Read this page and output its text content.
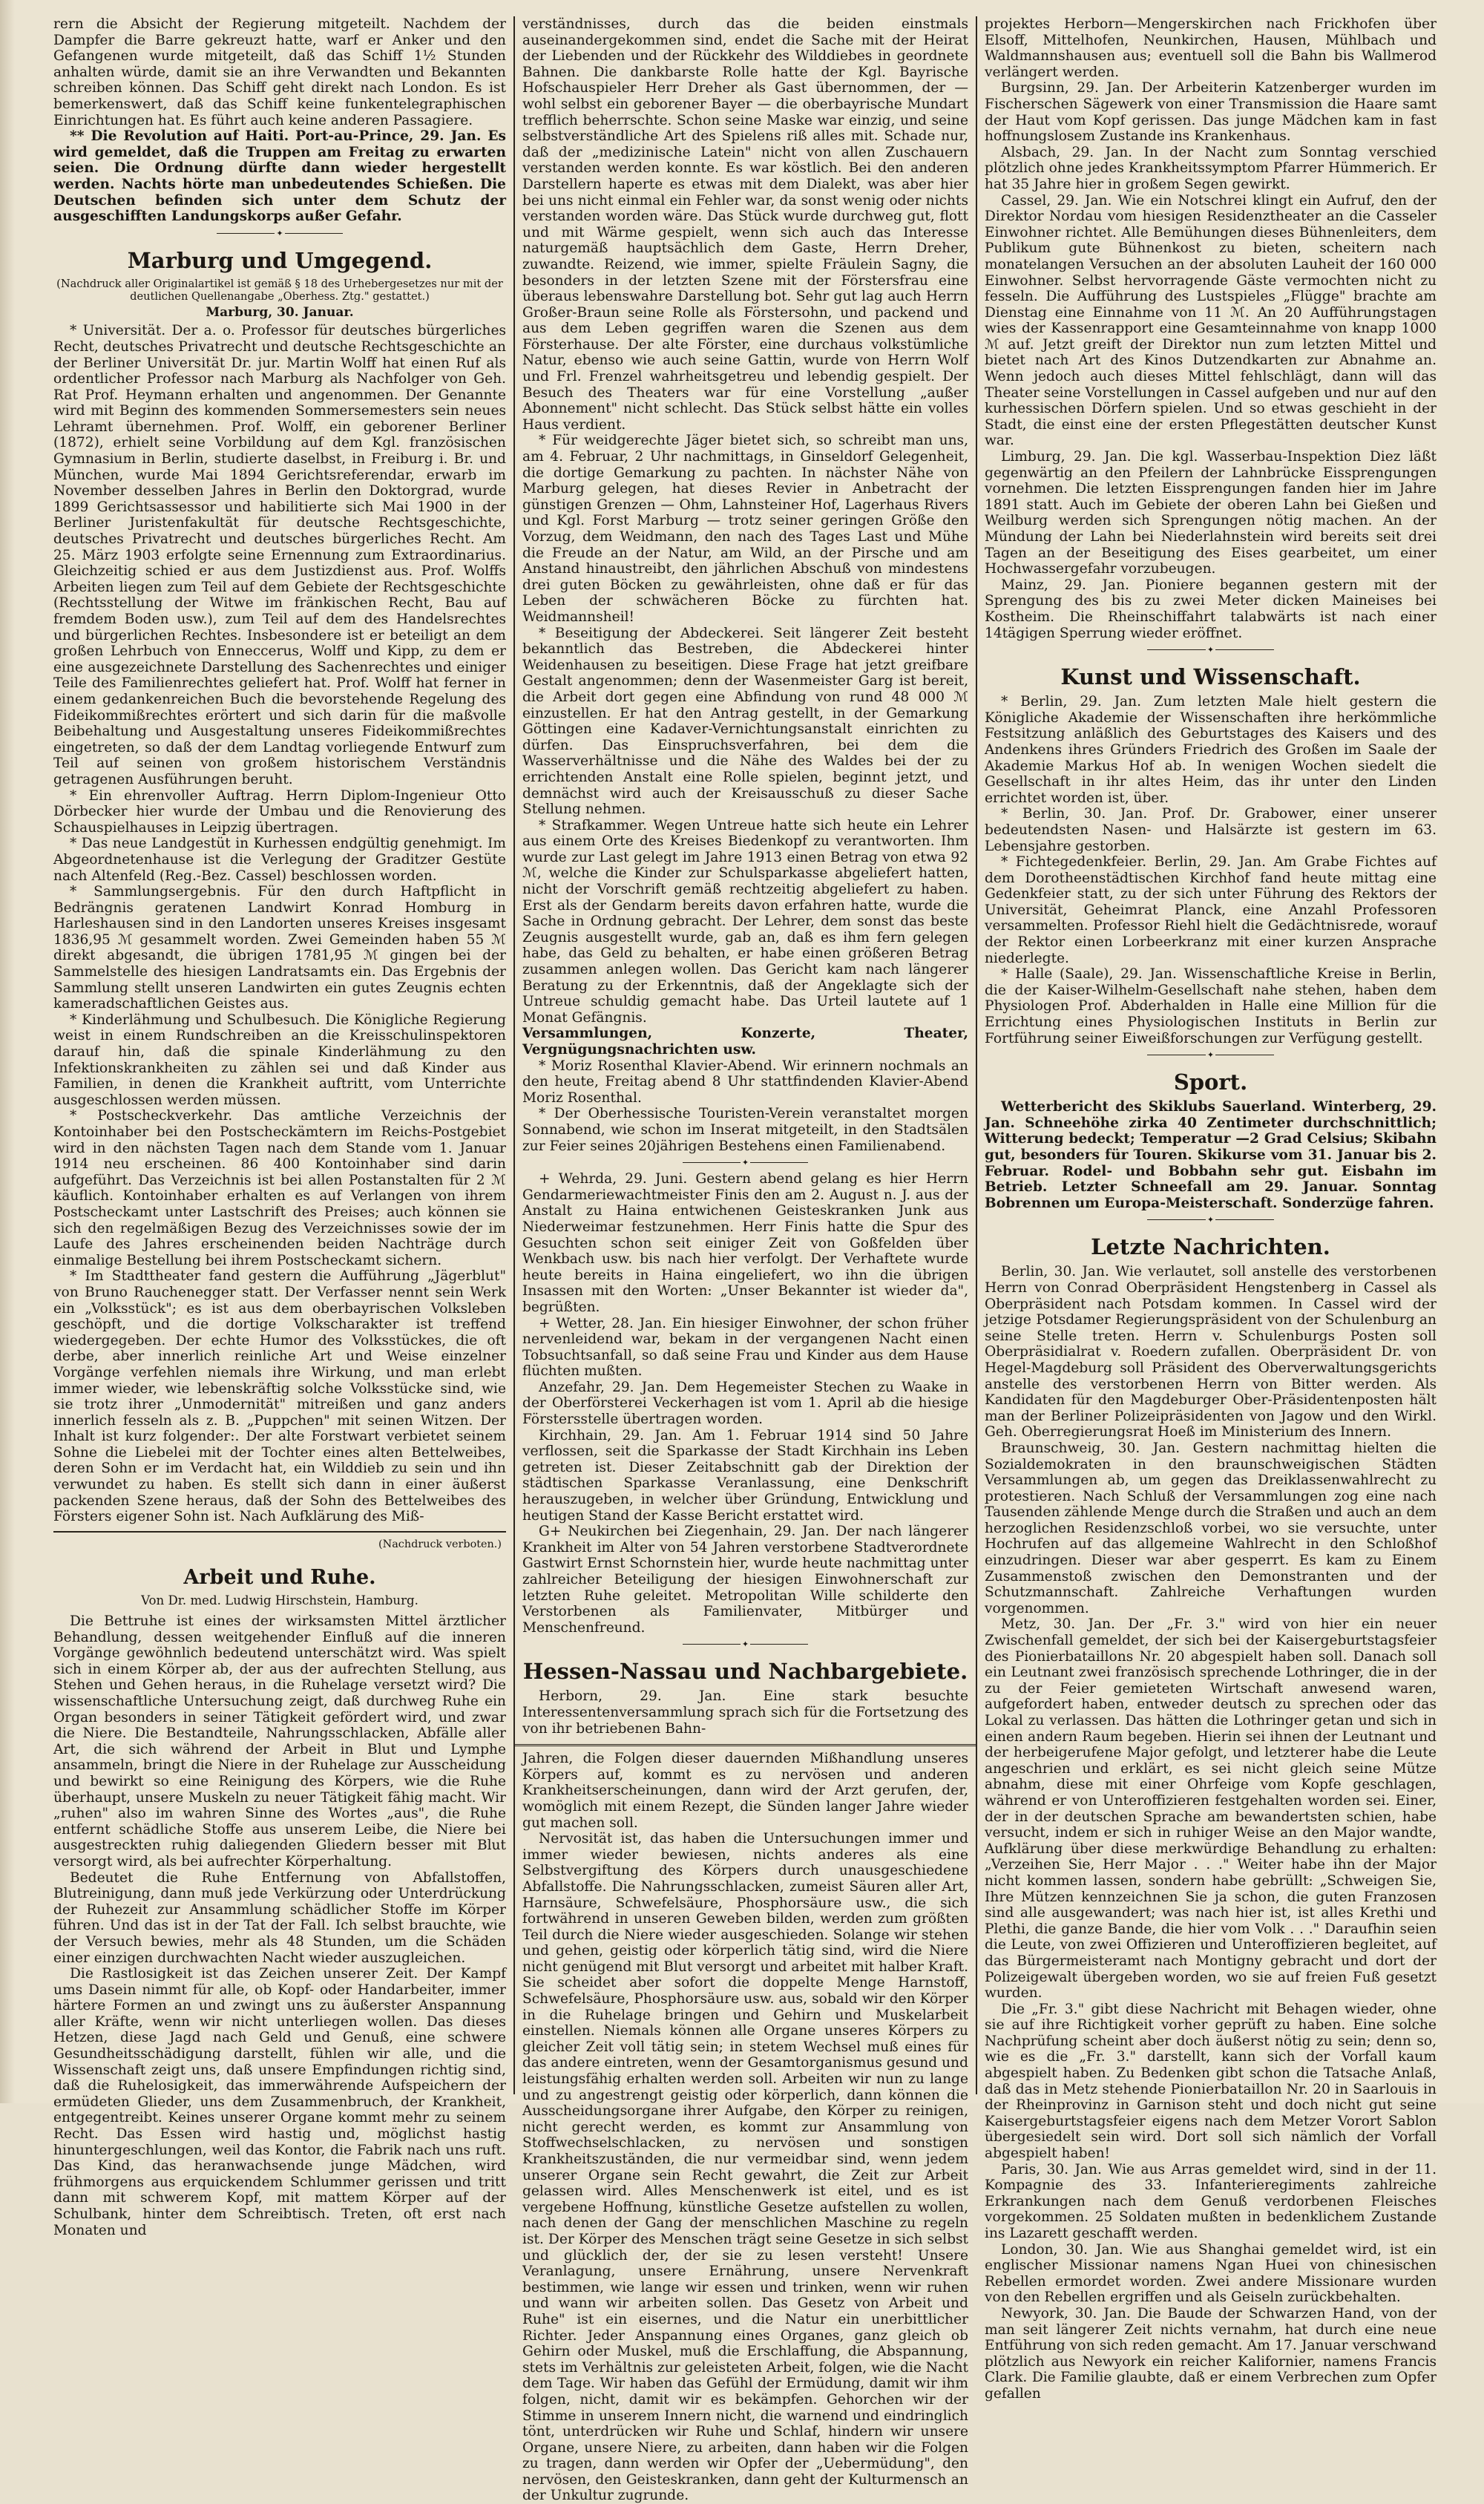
rern die Absicht der Regierung mitgeteilt. Nachdem der Dampfer die Barre gekreuzt hatte, warf er Anker und den Gefangenen wurde mitgeteilt, daß das Schiff 1½ Stunden anhalten würde, damit sie an ihre Verwandten und Bekannten schreiben können. Das Schiff geht direkt nach London. Es ist bemerkenswert, daß das Schiff keine funkentelegraphischen Einrichtungen hat. Es führt auch keine anderen Passagiere.

** Die Revolution auf Haiti. Port-au-Prince, 29. Jan. Es wird gemeldet, daß die Truppen am Freitag zu erwarten seien. Die Ordnung dürfte dann wieder hergestellt werden. Nachts hörte man unbedeutendes Schießen. Die Deutschen befinden sich unter dem Schutz der ausgeschifften Landungskorps außer Gefahr.

✦
Marburg und Umgegend.
(Nachdruck aller Originalartikel ist gemäß § 18 des Urhebergesetzes nur mit der deutlichen Quellenangabe „Oberhess. Ztg." gestattet.)
Marburg, 30. Januar.

* Universität. Der a. o. Professor für deutsches bürgerliches Recht, deutsches Privatrecht und deutsche Rechtsgeschichte an der Berliner Universität Dr. jur. Martin Wolff hat einen Ruf als ordentlicher Professor nach Marburg als Nachfolger von Geh. Rat Prof. Heymann erhalten und angenommen. Der Genannte wird mit Beginn des kommenden Sommersemesters sein neues Lehramt übernehmen. Prof. Wolff, ein geborener Berliner (1872), erhielt seine Vorbildung auf dem Kgl. französischen Gymnasium in Berlin, studierte daselbst, in Freiburg i. Br. und München, wurde Mai 1894 Gerichtsreferendar, erwarb im November desselben Jahres in Berlin den Doktorgrad, wurde 1899 Gerichtsassessor und habilitierte sich Mai 1900 in der Berliner Juristenfakultät für deutsche Rechtsgeschichte, deutsches Privatrecht und deutsches bürgerliches Recht. Am 25. März 1903 erfolgte seine Ernennung zum Extraordinarius. Gleichzeitig schied er aus dem Justizdienst aus. Prof. Wolffs Arbeiten liegen zum Teil auf dem Gebiete der Rechtsgeschichte (Rechtsstellung der Witwe im fränkischen Recht, Bau auf fremdem Boden usw.), zum Teil auf dem des Handelsrechtes und bürgerlichen Rechtes. Insbesondere ist er beteiligt an dem großen Lehrbuch von Enneccerus, Wolff und Kipp, zu dem er eine ausgezeichnete Darstellung des Sachenrechtes und einiger Teile des Familienrechtes geliefert hat. Prof. Wolff hat ferner in einem gedankenreichen Buch die bevorstehende Regelung des Fideikommißrechtes erörtert und sich darin für die maßvolle Beibehaltung und Ausgestaltung unseres Fideikommißrechtes eingetreten, so daß der dem Landtag vorliegende Entwurf zum Teil auf seinen von großem historischem Verständnis getragenen Ausführungen beruht.

* Ein ehrenvoller Auftrag. Herrn Diplom-Ingenieur Otto Dörbecker hier wurde der Umbau und die Renovierung des Schauspielhauses in Leipzig übertragen.

* Das neue Landgestüt in Kurhessen endgültig genehmigt. Im Abgeordnetenhause ist die Verlegung der Graditzer Gestüte nach Altenfeld (Reg.-Bez. Cassel) beschlossen worden.

* Sammlungsergebnis. Für den durch Haftpflicht in Bedrängnis geratenen Landwirt Konrad Homburg in Harleshausen sind in den Landorten unseres Kreises insgesamt 1836,95 ℳ gesammelt worden. Zwei Gemeinden haben 55 ℳ direkt abgesandt, die übrigen 1781,95 ℳ gingen bei der Sammelstelle des hiesigen Landratsamts ein. Das Ergebnis der Sammlung stellt unseren Landwirten ein gutes Zeugnis echten kameradschaftlichen Geistes aus.

* Kinderlähmung und Schulbesuch. Die Königliche Regierung weist in einem Rundschreiben an die Kreisschulinspektoren darauf hin, daß die spinale Kinderlähmung zu den Infektionskrankheiten zu zählen sei und daß Kinder aus Familien, in denen die Krankheit auftritt, vom Unterrichte ausgeschlossen werden müssen.

* Postscheckverkehr. Das amtliche Verzeichnis der Kontoinhaber bei den Postscheckämtern im Reichs-Postgebiet wird in den nächsten Tagen nach dem Stande vom 1. Januar 1914 neu erscheinen. 86 400 Kontoinhaber sind darin aufgeführt. Das Verzeichnis ist bei allen Postanstalten für 2 ℳ käuflich. Kontoinhaber erhalten es auf Verlangen von ihrem Postscheckamt unter Lastschrift des Preises; auch können sie sich den regelmäßigen Bezug des Verzeichnisses sowie der im Laufe des Jahres erscheinenden beiden Nachträge durch einmalige Bestellung bei ihrem Postscheckamt sichern.

* Im Stadttheater fand gestern die Aufführung „Jägerblut" von Bruno Rauchenegger statt. Der Verfasser nennt sein Werk ein „Volksstück"; es ist aus dem oberbayrischen Volksleben geschöpft, und die dortige Volkscharakter ist treffend wiedergegeben. Der echte Humor des Volksstückes, die oft derbe, aber innerlich reinliche Art und Weise einzelner Vorgänge verfehlen niemals ihre Wirkung, und man erlebt immer wieder, wie lebenskräftig solche Volksstücke sind, wie sie trotz ihrer „Unmodernität" mitreißen und ganz anders innerlich fesseln als z. B. „Puppchen" mit seinen Witzen. Der Inhalt ist kurz folgender:. Der alte Forstwart verbietet seinem Sohne die Liebelei mit der Tochter eines alten Bettelweibes, deren Sohn er im Verdacht hat, ein Wilddieb zu sein und ihn verwundet zu haben. Es stellt sich dann in einer äußerst packenden Szene heraus, daß der Sohn des Bettelweibes des Försters eigener Sohn ist. Nach Aufklärung des Miß-

(Nachdruck verboten.)
Arbeit und Ruhe.
Von Dr. med. Ludwig Hirschstein, Hamburg.

Die Bettruhe ist eines der wirksamsten Mittel ärztlicher Behandlung, dessen weitgehender Einfluß auf die inneren Vorgänge gewöhnlich bedeutend unterschätzt wird. Was spielt sich in einem Körper ab, der aus der aufrechten Stellung, aus Stehen und Gehen heraus, in die Ruhelage versetzt wird? Die wissenschaftliche Untersuchung zeigt, daß durchweg Ruhe ein Organ besonders in seiner Tätigkeit gefördert wird, und zwar die Niere. Die Bestandteile, Nahrungsschlacken, Abfälle aller Art, die sich während der Arbeit in Blut und Lymphe ansammeln, bringt die Niere in der Ruhelage zur Ausscheidung und bewirkt so eine Reinigung des Körpers, wie die Ruhe überhaupt, unsere Muskeln zu neuer Tätigkeit fähig macht. Wir „ruhen" also im wahren Sinne des Wortes „aus", die Ruhe entfernt schädliche Stoffe aus unserem Leibe, die Niere bei ausgestreckten ruhig daliegenden Gliedern besser mit Blut versorgt wird, als bei aufrechter Körperhaltung.

Bedeutet die Ruhe Entfernung von Abfallstoffen, Blutreinigung, dann muß jede Verkürzung oder Unterdrückung der Ruhezeit zur Ansammlung schädlicher Stoffe im Körper führen. Und das ist in der Tat der Fall. Ich selbst brauchte, wie der Versuch bewies, mehr als 48 Stunden, um die Schäden einer einzigen durchwachten Nacht wieder auszugleichen.

Die Rastlosigkeit ist das Zeichen unserer Zeit. Der Kampf ums Dasein nimmt für alle, ob Kopf- oder Handarbeiter, immer härtere Formen an und zwingt uns zu äußerster Anspannung aller Kräfte, wenn wir nicht unterliegen wollen. Das dieses Hetzen, diese Jagd nach Geld und Genuß, eine schwere Gesundheitsschädigung darstellt, fühlen wir alle, und die Wissenschaft zeigt uns, daß unsere Empfindungen richtig sind, daß die Ruhelosigkeit, das immerwährende Aufspeichern der ermüdeten Glieder, uns dem Zusammenbruch, der Krankheit, entgegentreibt. Keines unserer Organe kommt mehr zu seinem Recht. Das Essen wird hastig und, möglichst hastig hinuntergeschlungen, weil das Kontor, die Fabrik nach uns ruft. Das Kind, das heranwachsende junge Mädchen, wird frühmorgens aus erquickendem Schlummer gerissen und tritt dann mit schwerem Kopf, mit mattem Körper auf der Schulbank, hinter dem Schreibtisch. Treten, oft erst nach Monaten und

verständnisses, durch das die beiden einstmals auseinandergekommen sind, endet die Sache mit der Heirat der Liebenden und der Rückkehr des Wilddiebes in geordnete Bahnen. Die dankbarste Rolle hatte der Kgl. Bayrische Hofschauspieler Herr Dreher als Gast übernommen, der — wohl selbst ein geborener Bayer — die oberbayrische Mundart trefflich beherrschte. Schon seine Maske war einzig, und seine selbstverständliche Art des Spielens riß alles mit. Schade nur, daß der „medizinische Latein" nicht von allen Zuschauern verstanden werden konnte. Es war köstlich. Bei den anderen Darstellern haperte es etwas mit dem Dialekt, was aber hier bei uns nicht einmal ein Fehler war, da sonst wenig oder nichts verstanden worden wäre. Das Stück wurde durchweg gut, flott und mit Wärme gespielt, wenn sich auch das Interesse naturgemäß hauptsächlich dem Gaste, Herrn Dreher, zuwandte. Reizend, wie immer, spielte Fräulein Sagny, die besonders in der letzten Szene mit der Förstersfrau eine überaus lebenswahre Darstellung bot. Sehr gut lag auch Herrn Großer-Braun seine Rolle als Förstersohn, und packend und aus dem Leben gegriffen waren die Szenen aus dem Försterhause. Der alte Förster, eine durchaus volkstümliche Natur, ebenso wie auch seine Gattin, wurde von Herrn Wolf und Frl. Frenzel wahrheitsgetreu und lebendig gespielt. Der Besuch des Theaters war für eine Vorstellung „außer Abonnement" nicht schlecht. Das Stück selbst hätte ein volles Haus verdient.

* Für weidgerechte Jäger bietet sich, so schreibt man uns, am 4. Februar, 2 Uhr nachmittags, in Ginseldorf Gelegenheit, die dortige Gemarkung zu pachten. In nächster Nähe von Marburg gelegen, hat dieses Revier in Anbetracht der günstigen Grenzen — Ohm, Lahnsteiner Hof, Lagerhaus Rivers und Kgl. Forst Marburg — trotz seiner geringen Größe den Vorzug, dem Weidmann, den nach des Tages Last und Mühe die Freude an der Natur, am Wild, an der Pirsche und am Anstand hinaustreibt, den jährlichen Abschuß von mindestens drei guten Böcken zu gewährleisten, ohne daß er für das Leben der schwächeren Böcke zu fürchten hat. Weidmannsheil!

* Beseitigung der Abdeckerei. Seit längerer Zeit besteht bekanntlich das Bestreben, die Abdeckerei hinter Weidenhausen zu beseitigen. Diese Frage hat jetzt greifbare Gestalt angenommen; denn der Wasenmeister Garg ist bereit, die Arbeit dort gegen eine Abfindung von rund 48 000 ℳ einzustellen. Er hat den Antrag gestellt, in der Gemarkung Göttingen eine Kadaver-Vernichtungsanstalt einrichten zu dürfen. Das Einspruchsverfahren, bei dem die Wasserverhältnisse und die Nähe des Waldes bei der zu errichtenden Anstalt eine Rolle spielen, beginnt jetzt, und demnächst wird auch der Kreisausschuß zu dieser Sache Stellung nehmen.

* Strafkammer. Wegen Untreue hatte sich heute ein Lehrer aus einem Orte des Kreises Biedenkopf zu verantworten. Ihm wurde zur Last gelegt im Jahre 1913 einen Betrag von etwa 92 ℳ, welche die Kinder zur Schulsparkasse abgeliefert hatten, nicht der Vorschrift gemäß rechtzeitig abgeliefert zu haben. Erst als der Gendarm bereits davon erfahren hatte, wurde die Sache in Ordnung gebracht. Der Lehrer, dem sonst das beste Zeugnis ausgestellt wurde, gab an, daß es ihm fern gelegen habe, das Geld zu behalten, er habe einen größeren Betrag zusammen anlegen wollen. Das Gericht kam nach längerer Beratung zu der Erkenntnis, daß der Angeklagte sich der Untreue schuldig gemacht habe. Das Urteil lautete auf 1 Monat Gefängnis.

Versammlungen, Konzerte, Theater, Vergnügungsnachrichten usw.

* Moriz Rosenthal Klavier-Abend. Wir erinnern nochmals an den heute, Freitag abend 8 Uhr stattfindenden Klavier-Abend Moriz Rosenthal.

* Der Oberhessische Touristen-Verein veranstaltet morgen Sonnabend, wie schon im Inserat mitgeteilt, in den Stadtsälen zur Feier seines 20jährigen Bestehens einen Familienabend.

✦

+ Wehrda, 29. Juni. Gestern abend gelang es hier Herrn Gendarmeriewachtmeister Finis den am 2. August n. J. aus der Anstalt zu Haina entwichenen Geisteskranken Junk aus Niederweimar festzunehmen. Herr Finis hatte die Spur des Gesuchten schon seit einiger Zeit von Goßfelden über Wenkbach usw. bis nach hier verfolgt. Der Verhaftete wurde heute bereits in Haina eingeliefert, wo ihn die übrigen Insassen mit den Worten: „Unser Bekannter ist wieder da", begrüßten.

+ Wetter, 28. Jan. Ein hiesiger Einwohner, der schon früher nervenleidend war, bekam in der vergangenen Nacht einen Tobsuchtsanfall, so daß seine Frau und Kinder aus dem Hause flüchten mußten.

Anzefahr, 29. Jan. Dem Hegemeister Stechen zu Waake in der Oberförsterei Veckerhagen ist vom 1. April ab die hiesige Förstersstelle übertragen worden.

Kirchhain, 29. Jan. Am 1. Februar 1914 sind 50 Jahre verflossen, seit die Sparkasse der Stadt Kirchhain ins Leben getreten ist. Dieser Zeitabschnitt gab der Direktion der städtischen Sparkasse Veranlassung, eine Denkschrift herauszugeben, in welcher über Gründung, Entwicklung und heutigen Stand der Kasse Bericht erstattet wird.

G+ Neukirchen bei Ziegenhain, 29. Jan. Der nach längerer Krankheit im Alter von 54 Jahren verstorbene Stadtverordnete Gastwirt Ernst Schornstein hier, wurde heute nachmittag unter zahlreicher Beteiligung der hiesigen Einwohnerschaft zur letzten Ruhe geleitet. Metropolitan Wille schilderte den Verstorbenen als Familienvater, Mitbürger und Menschenfreund.

✦
Hessen-Nassau und Nachbargebiete.

Herborn, 29. Jan. Eine stark besuchte Interessentenversammlung sprach sich für die Fortsetzung des von ihr betriebenen Bahn-

Jahren, die Folgen dieser dauernden Mißhandlung unseres Körpers auf, kommt es zu nervösen und anderen Krankheitserscheinungen, dann wird der Arzt gerufen, der, womöglich mit einem Rezept, die Sünden langer Jahre wieder gut machen soll.

Nervosität ist, das haben die Untersuchungen immer und immer wieder bewiesen, nichts anderes als eine Selbstvergiftung des Körpers durch unausgeschiedene Abfallstoffe. Die Nahrungsschlacken, zumeist Säuren aller Art, Harnsäure, Schwefelsäure, Phosphorsäure usw., die sich fortwährend in unseren Geweben bilden, werden zum größten Teil durch die Niere wieder ausgeschieden. Solange wir stehen und gehen, geistig oder körperlich tätig sind, wird die Niere nicht genügend mit Blut versorgt und arbeitet mit halber Kraft. Sie scheidet aber sofort die doppelte Menge Harnstoff, Schwefelsäure, Phosphorsäure usw. aus, sobald wir den Körper in die Ruhelage bringen und Gehirn und Muskelarbeit einstellen. Niemals können alle Organe unseres Körpers zu gleicher Zeit voll tätig sein; in stetem Wechsel muß eines für das andere eintreten, wenn der Gesamtorganismus gesund und leistungsfähig erhalten werden soll. Arbeiten wir nun zu lange und zu angestrengt geistig oder körperlich, dann können die Ausscheidungsorgane ihrer Aufgabe, den Körper zu reinigen, nicht gerecht werden, es kommt zur Ansammlung von Stoffwechselschlacken, zu nervösen und sonstigen Krankheitszuständen, die nur vermeidbar sind, wenn jedem unserer Organe sein Recht gewahrt, die Zeit zur Arbeit gelassen wird. Alles Menschenwerk ist eitel, und es ist vergebene Hoffnung, künstliche Gesetze aufstellen zu wollen, nach denen der Gang der menschlichen Maschine zu regeln ist. Der Körper des Menschen trägt seine Gesetze in sich selbst und glücklich der, der sie zu lesen versteht! Unsere Veranlagung, unsere Ernährung, unsere Nervenkraft bestimmen, wie lange wir essen und trinken, wenn wir ruhen und wann wir arbeiten sollen. Das Gesetz von Arbeit und Ruhe" ist ein eisernes, und die Natur ein unerbittlicher Richter. Jeder Anspannung eines Organes, ganz gleich ob Gehirn oder Muskel, muß die Erschlaffung, die Abspannung, stets im Verhältnis zur geleisteten Arbeit, folgen, wie die Nacht dem Tage. Wir haben das Gefühl der Ermüdung, damit wir ihm folgen, nicht, damit wir es bekämpfen. Gehorchen wir der Stimme in unserem Innern nicht, die warnend und eindringlich tönt, unterdrücken wir Ruhe und Schlaf, hindern wir unsere Organe, unsere Niere, zu arbeiten, dann haben wir die Folgen zu tragen, dann werden wir Opfer der „Uebermüdung", den nervösen, den Geisteskranken, dann geht der Kulturmensch an der Unkultur zugrunde.

projektes Herborn—Mengerskirchen nach Frickhofen über Elsoff, Mittelhofen, Neunkirchen, Hausen, Mühlbach und Waldmannshausen aus; eventuell soll die Bahn bis Wallmerod verlängert werden.

Burgsinn, 29. Jan. Der Arbeiterin Katzenberger wurden im Fischerschen Sägewerk von einer Transmission die Haare samt der Haut vom Kopf gerissen. Das junge Mädchen kam in fast hoffnungslosem Zustande ins Krankenhaus.

Alsbach, 29. Jan. In der Nacht zum Sonntag verschied plötzlich ohne jedes Krankheitssymptom Pfarrer Hümmerich. Er hat 35 Jahre hier in großem Segen gewirkt.

Cassel, 29. Jan. Wie ein Notschrei klingt ein Aufruf, den der Direktor Nordau vom hiesigen Residenztheater an die Casseler Einwohner richtet. Alle Bemühungen dieses Bühnenleiters, dem Publikum gute Bühnenkost zu bieten, scheitern nach monatelangen Versuchen an der absoluten Lauheit der 160 000 Einwohner. Selbst hervorragende Gäste vermochten nicht zu fesseln. Die Aufführung des Lustspieles „Flügge" brachte am Dienstag eine Einnahme von 11 ℳ. An 20 Aufführungstagen wies der Kassenrapport eine Gesamteinnahme von knapp 1000 ℳ auf. Jetzt greift der Direktor nun zum letzten Mittel und bietet nach Art des Kinos Dutzendkarten zur Abnahme an. Wenn jedoch auch dieses Mittel fehlschlägt, dann will das Theater seine Vorstellungen in Cassel aufgeben und nur auf den kurhessischen Dörfern spielen. Und so etwas geschieht in der Stadt, die einst eine der ersten Pflegestätten deutscher Kunst war.

Limburg, 29. Jan. Die kgl. Wasserbau-Inspektion Diez läßt gegenwärtig an den Pfeilern der Lahnbrücke Eissprengungen vornehmen. Die letzten Eissprengungen fanden hier im Jahre 1891 statt. Auch im Gebiete der oberen Lahn bei Gießen und Weilburg werden sich Sprengungen nötig machen. An der Mündung der Lahn bei Niederlahnstein wird bereits seit drei Tagen an der Beseitigung des Eises gearbeitet, um einer Hochwassergefahr vorzubeugen.

Mainz, 29. Jan. Pioniere begannen gestern mit der Sprengung des bis zu zwei Meter dicken Maineises bei Kostheim. Die Rheinschiffahrt talabwärts ist nach einer 14tägigen Sperrung wieder eröffnet.

✦
Kunst und Wissenschaft.

* Berlin, 29. Jan. Zum letzten Male hielt gestern die Königliche Akademie der Wissenschaften ihre herkömmliche Festsitzung anläßlich des Geburtstages des Kaisers und des Andenkens ihres Gründers Friedrich des Großen im Saale der Akademie Markus Hof ab. In wenigen Wochen siedelt die Gesellschaft in ihr altes Heim, das ihr unter den Linden errichtet worden ist, über.

* Berlin, 30. Jan. Prof. Dr. Grabower, einer unserer bedeutendsten Nasen- und Halsärzte ist gestern im 63. Lebensjahre gestorben.

* Fichtegedenkfeier. Berlin, 29. Jan. Am Grabe Fichtes auf dem Dorotheenstädtischen Kirchhof fand heute mittag eine Gedenkfeier statt, zu der sich unter Führung des Rektors der Universität, Geheimrat Planck, eine Anzahl Professoren versammelten. Professor Riehl hielt die Gedächtnisrede, worauf der Rektor einen Lorbeerkranz mit einer kurzen Ansprache niederlegte.

* Halle (Saale), 29. Jan. Wissenschaftliche Kreise in Berlin, die der Kaiser-Wilhelm-Gesellschaft nahe stehen, haben dem Physiologen Prof. Abderhalden in Halle eine Million für die Errichtung eines Physiologischen Instituts in Berlin zur Fortführung seiner Eiweißforschungen zur Verfügung gestellt.

✦
Sport.

Wetterbericht des Skiklubs Sauerland. Winterberg, 29. Jan. Schneehöhe zirka 40 Zentimeter durchschnittlich; Witterung bedeckt; Temperatur —2 Grad Celsius; Skibahn gut, besonders für Touren. Skikurse vom 31. Januar bis 2. Februar. Rodel- und Bobbahn sehr gut. Eisbahn im Betrieb. Letzter Schneefall am 29. Januar. Sonntag Bobrennen um Europa-Meisterschaft. Sonderzüge fahren.

✦
Letzte Nachrichten.

Berlin, 30. Jan. Wie verlautet, soll anstelle des verstorbenen Herrn von Conrad Oberpräsident Hengstenberg in Cassel als Oberpräsident nach Potsdam kommen. In Cassel wird der jetzige Potsdamer Regierungspräsident von der Schulenburg an seine Stelle treten. Herrn v. Schulenburgs Posten soll Oberpräsidialrat v. Roedern zufallen. Oberpräsident Dr. von Hegel-Magdeburg soll Präsident des Oberverwaltungsgerichts anstelle des verstorbenen Herrn von Bitter werden. Als Kandidaten für den Magdeburger Ober-Präsidentenposten hält man der Berliner Polizeipräsidenten von Jagow und den Wirkl. Geh. Oberregierungsrat Hoeß im Ministerium des Innern.

Braunschweig, 30. Jan. Gestern nachmittag hielten die Sozialdemokraten in den braunschweigischen Städten Versammlungen ab, um gegen das Dreiklassenwahlrecht zu protestieren. Nach Schluß der Versammlungen zog eine nach Tausenden zählende Menge durch die Straßen und auch an dem herzoglichen Residenzschloß vorbei, wo sie versuchte, unter Hochrufen auf das allgemeine Wahlrecht in den Schloßhof einzudringen. Dieser war aber gesperrt. Es kam zu Einem Zusammenstoß zwischen den Demonstranten und der Schutzmannschaft. Zahlreiche Verhaftungen wurden vorgenommen.

Metz, 30. Jan. Der „Fr. 3." wird von hier ein neuer Zwischenfall gemeldet, der sich bei der Kaisergeburtstagsfeier des Pionierbataillons Nr. 20 abgespielt haben soll. Danach soll ein Leutnant zwei französisch sprechende Lothringer, die in der zu der Feier gemieteten Wirtschaft anwesend waren, aufgefordert haben, entweder deutsch zu sprechen oder das Lokal zu verlassen. Das hätten die Lothringer getan und sich in einen andern Raum begeben. Hierin sei ihnen der Leutnant und der herbeigerufene Major gefolgt, und letzterer habe die Leute angeschrien und erklärt, es sei nicht gleich seine Mütze abnahm, diese mit einer Ohrfeige vom Kopfe geschlagen, während er von Unteroffizieren festgehalten worden sei. Einer, der in der deutschen Sprache am bewandertsten schien, habe versucht, indem er sich in ruhiger Weise an den Major wandte, Aufklärung über diese merkwürdige Behandlung zu erhalten: „Verzeihen Sie, Herr Major . . ." Weiter habe ihn der Major nicht kommen lassen, sondern habe gebrüllt: „Schweigen Sie, Ihre Mützen kennzeichnen Sie ja schon, die guten Franzosen sind alle ausgewandert; was nach hier ist, ist alles Krethi und Plethi, die ganze Bande, die hier vom Volk . . ." Daraufhin seien die Leute, von zwei Offizieren und Unteroffizieren begleitet, auf das Bürgermeisteramt nach Montigny gebracht und dort der Polizeigewalt übergeben worden, wo sie auf freien Fuß gesetzt wurden.

Die „Fr. 3." gibt diese Nachricht mit Behagen wieder, ohne sie auf ihre Richtigkeit vorher geprüft zu haben. Eine solche Nachprüfung scheint aber doch äußerst nötig zu sein; denn so, wie es die „Fr. 3." darstellt, kann sich der Vorfall kaum abgespielt haben. Zu Bedenken gibt schon die Tatsache Anlaß, daß das in Metz stehende Pionierbataillon Nr. 20 in Saarlouis in der Rheinprovinz in Garnison steht und doch nicht gut seine Kaisergeburtstagsfeier eigens nach dem Metzer Vorort Sablon übergesiedelt sein wird. Dort soll sich nämlich der Vorfall abgespielt haben!

Paris, 30. Jan. Wie aus Arras gemeldet wird, sind in der 11. Kompagnie des 33. Infanterieregiments zahlreiche Erkrankungen nach dem Genuß verdorbenen Fleisches vorgekommen. 25 Soldaten mußten in bedenklichem Zustande ins Lazarett geschafft werden.

London, 30. Jan. Wie aus Shanghai gemeldet wird, ist ein englischer Missionar namens Ngan Huei von chinesischen Rebellen ermordet worden. Zwei andere Missionare wurden von den Rebellen ergriffen und als Geiseln zurückbehalten.

Newyork, 30. Jan. Die Baude der Schwarzen Hand, von der man seit längerer Zeit nichts vernahm, hat durch eine neue Entführung von sich reden gemacht. Am 17. Januar verschwand plötzlich aus Newyork ein reicher Kalifornier, namens Francis Clark. Die Familie glaubte, daß er einem Verbrechen zum Opfer gefallen
